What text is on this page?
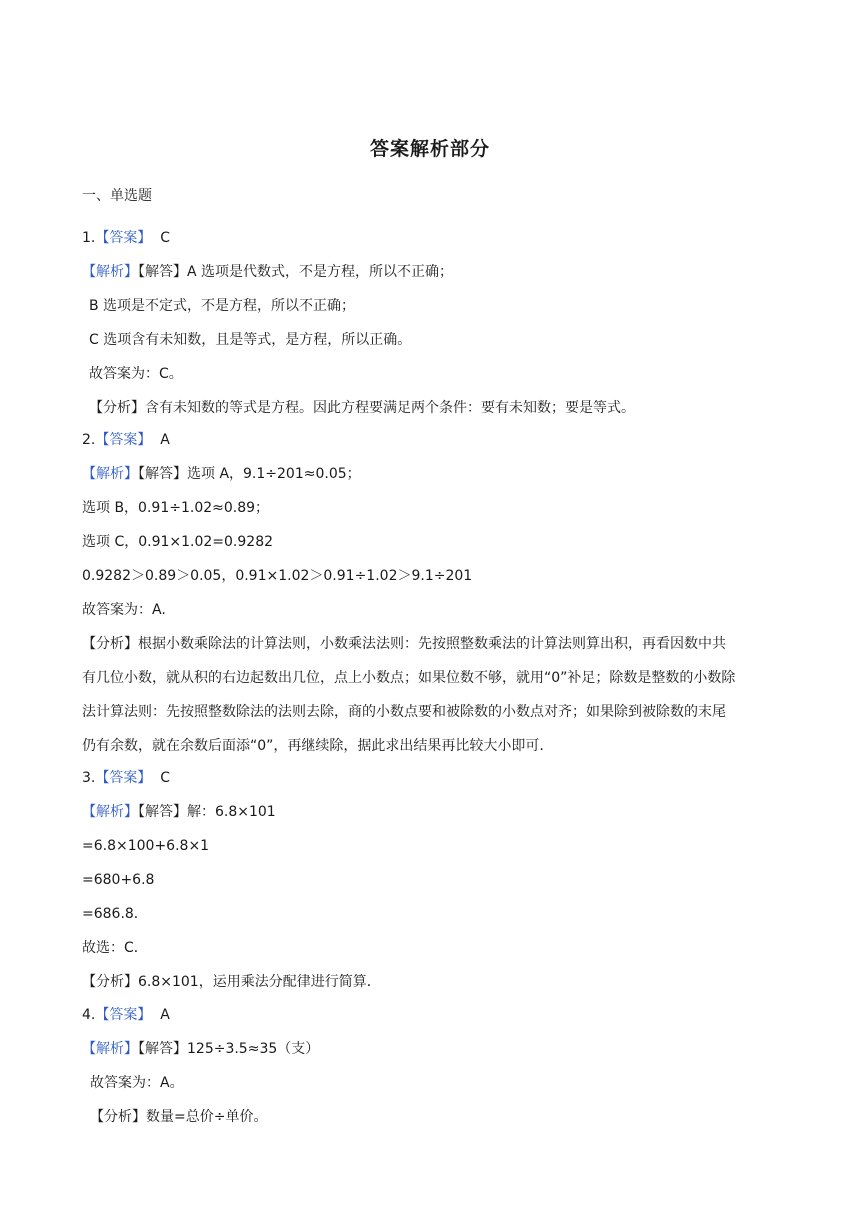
答案解析部分
一、单选题
1.【答案】 C
【解析】【解答】A 选项是代数式，不是方程，所以不正确；
B 选项是不定式，不是方程，所以不正确；
C 选项含有未知数，且是等式，是方程，所以正确。
故答案为：C。
【分析】含有未知数的等式是方程。因此方程要满足两个条件：要有未知数；要是等式。
2.【答案】 A
【解析】【解答】选项 A，9.1÷201≈0.05；
选项 B，0.91÷1.02≈0.89；
选项 C，0.91×1.02=0.9282
0.9282＞0.89＞0.05，0.91×1.02＞0.91÷1.02＞9.1÷201
故答案为：A.
【分析】根据小数乘除法的计算法则，小数乘法法则：先按照整数乘法的计算法则算出积，再看因数中共
有几位小数，就从积的右边起数出几位，点上小数点；如果位数不够，就用“0”补足；除数是整数的小数除
法计算法则：先按照整数除法的法则去除，商的小数点要和被除数的小数点对齐；如果除到被除数的末尾
仍有余数，就在余数后面添“0”，再继续除，据此求出结果再比较大小即可.
3.【答案】 C
【解析】【解答】解：6.8×101
=6.8×100+6.8×1
=680+6.8
=686.8．
故选：C．
【分析】6.8×101，运用乘法分配律进行简算．
4.【答案】 A
【解析】【解答】125÷3.5≈35（支）
故答案为：A。
【分析】数量=总价÷单价。
